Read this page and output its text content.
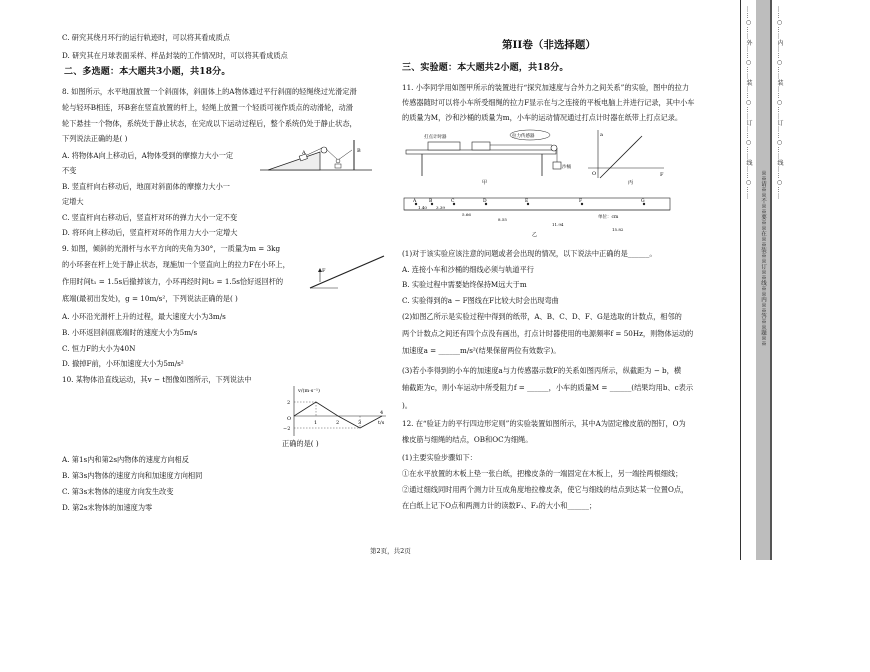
C. 研究其绕月环行的运行轨迹时，可以将其看成质点
D. 研究其在月球表面采样、样品封装的工作情况时，可以将其看成质点
二、多选题：本大题共3小题，共18分。
8. 如图所示，水平地面放置一个斜面体，斜面体上的A物体通过平行斜面的轻绳绕过光滑定滑
轮与轻环B相连，环B套在竖直放置的杆上，轻绳上放置一个轻质可视作质点的动滑轮，动滑
轮下悬挂一个物体，系统处于静止状态，在完成以下运动过程后，整个系统仍处于静止状态，
下列说法正确的是( )
A. 将物体A向上移动后，A物体受到的摩擦力大小一定
不变
B. 竖直杆向右移动后，地面对斜面体的摩擦力大小一
定增大
C. 竖直杆向右移动后，竖直杆对环的弹力大小一定不变
D. 将环向上移动后，竖直杆对环的作用力大小一定增大
9. 如图，倾斜的光滑杆与水平方向的夹角为30°，一质量为m = 3kg
的小环套在杆上处于静止状态，现施加一个竖直向上的拉力F在小环上，
作用时间t₁ = 1.5s后撤掉该力，小环再经时间t₂ = 1.5s恰好返回杆的
底端(最初出发处)，g = 10m/s²，下列说法正确的是( )
A. 小环沿光滑杆上升的过程，最大速度大小为3m/s
B. 小环返回斜面底端时的速度大小为5m/s
C. 恒力F的大小为40N
D. 撤掉F前，小环加速度大小为5m/s²
10. 某物体沿直线运动，其v − t图像如图所示，下列说法中
正确的是( )
A. 第1s内和第2s内物体的速度方向相反
B. 第3s内物体的速度方向和加速度方向相同
C. 第3s末物体的速度方向发生改变
D. 第2s末物体的加速度为零
A	B
F
v/(m·s⁻¹)
t/s
2
O
−2
1	2	3
4
第II卷（非选择题）
三、实验题：本大题共2小题，共18分。
11. 小李同学用如图甲所示的装置进行“探究加速度与合外力之间关系”的实验，图中的拉力
传感器随时可以将小车所受细绳的拉力F显示在与之连接的平板电脑上并进行记录，其中小车
的质量为M，沙和沙桶的质量为m，小车的运动情况通过打点计时器在纸带上打点记录。
拉力传感器
打点计时器
沙桶
甲
a
F
O
丙
A	B	C	D	E	F	G
1.40 3.39
5.66
8.55
11.94
15.82
单位：cm
乙
(1)对于该实验应该注意的问题或者会出现的情况，以下说法中正确的是______。
A. 连接小车和沙桶的细线必须与轨道平行
B. 实验过程中需要始终保持M远大于m
C. 实验得到的a − F图线在F比较大时会出现弯曲
(2)如图乙所示是实验过程中得到的纸带，A、B、C、D、F、G是选取的计数点，相邻的
两个计数点之间还有四个点没有画出，打点计时器使用的电源频率f = 50Hz，则物体运动的
加速度a = ______m/s²(结果保留两位有效数字)。
(3)若小李得到的小车的加速度a与力传感器示数F的关系如图丙所示，纵截距为 − b，横
轴截距为c，则小车运动中所受阻力f = ______，小车的质量M = ______(结果均用b、c表示
)。
12. 在“验证力的平行四边形定则”的实验装置如图所示，其中A为固定橡皮筋的图钉，O为
橡皮筋与细绳的结点，OB和OC为细绳。
(1)主要实验步骤如下：
①在水平放置的木板上垫一张白纸，把橡皮条的一端固定在木板上，另一端拴两根细线；
②通过细线同时用两个测力计互成角度地拉橡皮条，使它与细线的结点到达某一位置O点，
在白纸上记下O点和两测力计的读数F₁、F₂的大小和______；
第2页，共2页
……○……外……○……装……○……订……○……线……○……
※※请※※不※※要※※在※※装※※订※※线※※内※※答※※题※※
……○……内……○……装……○……订……○……线……○……
